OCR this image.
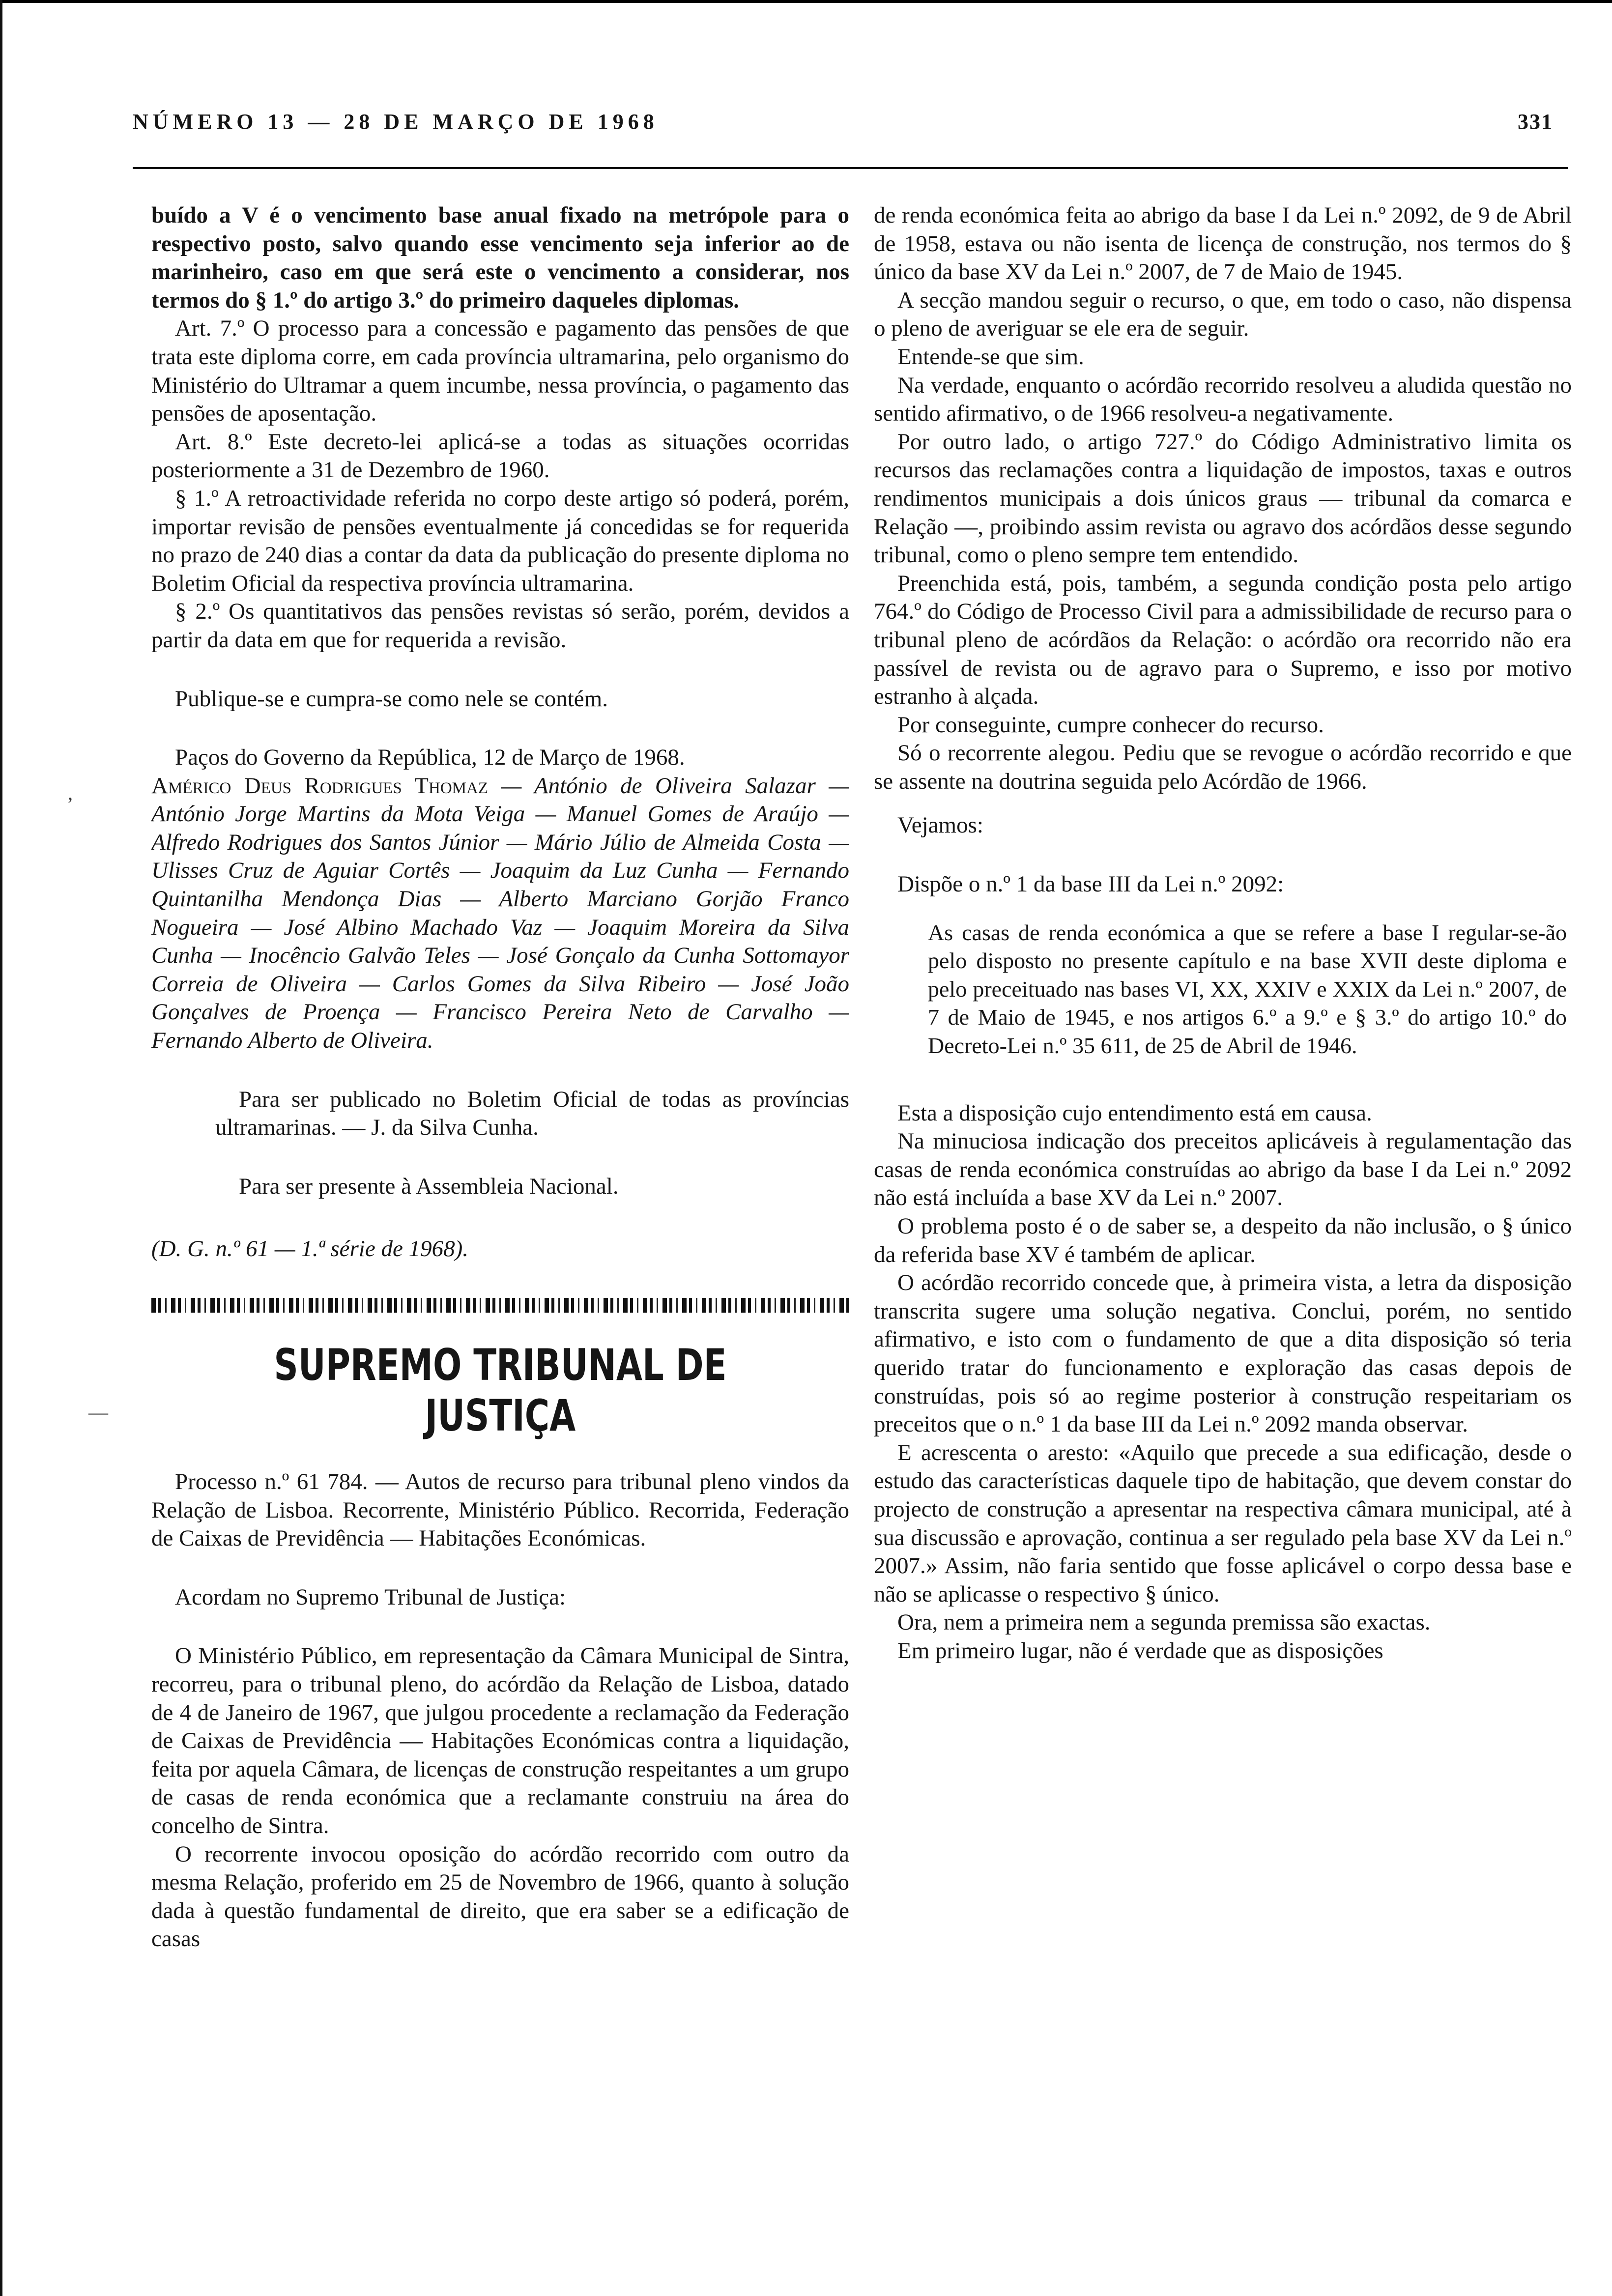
NÚMERO 13 — 28 DE MARÇO DE 1968	331
,
—

buído a V é o vencimento base anual fixado na metrópole para o respectivo posto, salvo quando esse vencimento seja inferior ao de marinheiro, caso em que será este o vencimento a considerar, nos termos do § 1.º do artigo 3.º do primeiro daqueles diplomas.

Art. 7.º O processo para a concessão e pagamento das pensões de que trata este diploma corre, em cada província ultramarina, pelo organismo do Ministério do Ultramar a quem incumbe, nessa província, o pagamento das pensões de aposentação.

Art. 8.º Este decreto-lei aplicá-se a todas as situações ocorridas posteriormente a 31 de Dezembro de 1960.

§ 1.º A retroactividade referida no corpo deste artigo só poderá, porém, importar revisão de pensões eventualmente já concedidas se for requerida no prazo de 240 dias a contar da data da publicação do presente diploma no Boletim Oficial da respectiva província ultramarina.

§ 2.º Os quantitativos das pensões revistas só serão, porém, devidos a partir da data em que for requerida a revisão.

Publique-se e cumpra-se como nele se contém.

Paços do Governo da República, 12 de Março de 1968.

Américo Deus Rodrigues Thomaz — António de Oliveira Salazar — António Jorge Martins da Mota Veiga — Manuel Gomes de Araújo — Alfredo Rodrigues dos Santos Júnior — Mário Júlio de Almeida Costa — Ulisses Cruz de Aguiar Cortês — Joaquim da Luz Cunha — Fernando Quintanilha Mendonça Dias — Alberto Marciano Gorjão Franco Nogueira — José Albino Machado Vaz — Joaquim Moreira da Silva Cunha — Inocêncio Galvão Teles — José Gonçalo da Cunha Sottomayor Correia de Oliveira — Carlos Gomes da Silva Ribeiro — José João Gonçalves de Proença — Francisco Pereira Neto de Carvalho — Fernando Alberto de Oliveira.

Para ser publicado no Boletim Oficial de todas as províncias ultramarinas. — J. da Silva Cunha.

Para ser presente à Assembleia Nacional.

(D. G. n.º 61 — 1.ª série de 1968).

SUPREMO TRIBUNAL DE JUSTIÇA

Processo n.º 61 784. — Autos de recurso para tribunal pleno vindos da Relação de Lisboa. Recorrente, Ministério Público. Recorrida, Federação de Caixas de Previdência — Habitações Económicas.

Acordam no Supremo Tribunal de Justiça:

O Ministério Público, em representação da Câmara Municipal de Sintra, recorreu, para o tribunal pleno, do acórdão da Relação de Lisboa, datado de 4 de Janeiro de 1967, que julgou procedente a reclamação da Federação de Caixas de Previdência — Habitações Económicas contra a liquidação, feita por aquela Câmara, de licenças de construção respeitantes a um grupo de casas de renda económica que a reclamante construiu na área do concelho de Sintra.

O recorrente invocou oposição do acórdão recorrido com outro da mesma Relação, proferido em 25 de Novembro de 1966, quanto à solução dada à questão fundamental de direito, que era saber se a edificação de casas

de renda económica feita ao abrigo da base I da Lei n.º 2092, de 9 de Abril de 1958, estava ou não isenta de licença de construção, nos termos do § único da base XV da Lei n.º 2007, de 7 de Maio de 1945.

A secção mandou seguir o recurso, o que, em todo o caso, não dispensa o pleno de averiguar se ele era de seguir.

Entende-se que sim.

Na verdade, enquanto o acórdão recorrido resolveu a aludida questão no sentido afirmativo, o de 1966 resolveu-a negativamente.

Por outro lado, o artigo 727.º do Código Administrativo limita os recursos das reclamações contra a liquidação de impostos, taxas e outros rendimentos municipais a dois únicos graus — tribunal da comarca e Relação —, proibindo assim revista ou agravo dos acórdãos desse segundo tribunal, como o pleno sempre tem entendido.

Preenchida está, pois, também, a segunda condição posta pelo artigo 764.º do Código de Processo Civil para a admissibilidade de recurso para o tribunal pleno de acórdãos da Relação: o acórdão ora recorrido não era passível de revista ou de agravo para o Supremo, e isso por motivo estranho à alçada.

Por conseguinte, cumpre conhecer do recurso.

Só o recorrente alegou. Pediu que se revogue o acórdão recorrido e que se assente na doutrina seguida pelo Acórdão de 1966.

Vejamos:

Dispõe o n.º 1 da base III da Lei n.º 2092:

As casas de renda económica a que se refere a base I regular-se-ão pelo disposto no presente capítulo e na base XVII deste diploma e pelo preceituado nas bases VI, XX, XXIV e XXIX da Lei n.º 2007, de 7 de Maio de 1945, e nos artigos 6.º a 9.º e § 3.º do artigo 10.º do Decreto-Lei n.º 35 611, de 25 de Abril de 1946.

Esta a disposição cujo entendimento está em causa.

Na minuciosa indicação dos preceitos aplicáveis à regulamentação das casas de renda económica construídas ao abrigo da base I da Lei n.º 2092 não está incluída a base XV da Lei n.º 2007.

O problema posto é o de saber se, a despeito da não inclusão, o § único da referida base XV é também de aplicar.

O acórdão recorrido concede que, à primeira vista, a letra da disposição transcrita sugere uma solução negativa. Conclui, porém, no sentido afirmativo, e isto com o fundamento de que a dita disposição só teria querido tratar do funcionamento e exploração das casas depois de construídas, pois só ao regime posterior à construção respeitariam os preceitos que o n.º 1 da base III da Lei n.º 2092 manda observar.

E acrescenta o aresto: «Aquilo que precede a sua edificação, desde o estudo das características daquele tipo de habitação, que devem constar do projecto de construção a apresentar na respectiva câmara municipal, até à sua discussão e aprovação, continua a ser regulado pela base XV da Lei n.º 2007.» Assim, não faria sentido que fosse aplicável o corpo dessa base e não se aplicasse o respectivo § único.

Ora, nem a primeira nem a segunda premissa são exactas.

Em primeiro lugar, não é verdade que as disposições
